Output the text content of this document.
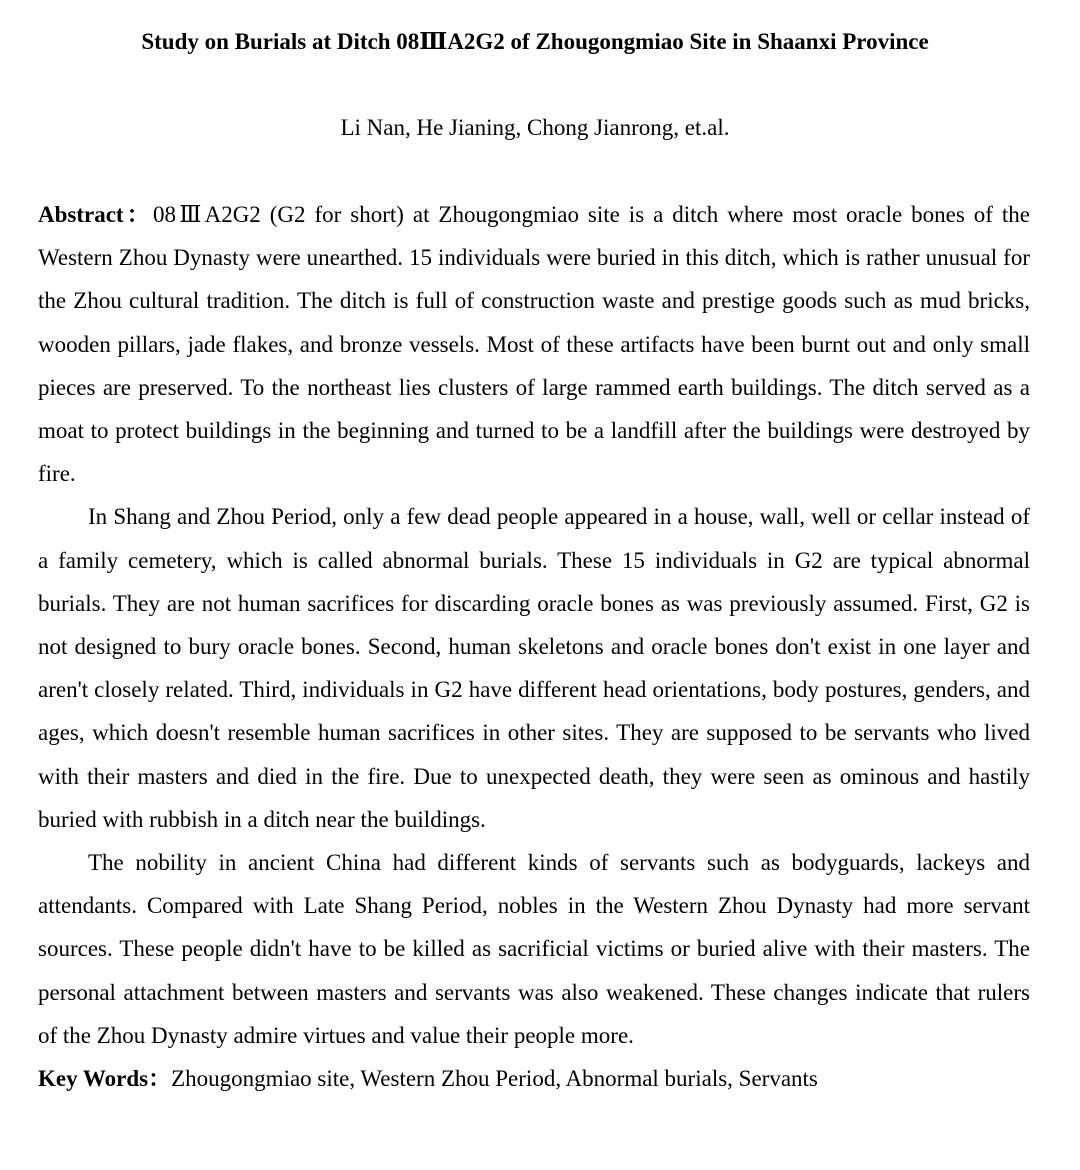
Study on Burials at Ditch 08ⅢA2G2 of Zhougongmiao Site in Shaanxi Province
Li Nan, He Jianing, Chong Jianrong, et.al.

Abstract：08ⅢA2G2 (G2 for short) at Zhougongmiao site is a ditch where most oracle bones of the Western Zhou Dynasty were unearthed. 15 individuals were buried in this ditch, which is rather unusual for the Zhou cultural tradition. The ditch is full of construction waste and prestige goods such as mud bricks, wooden pillars, jade flakes, and bronze vessels. Most of these artifacts have been burnt out and only small pieces are preserved. To the northeast lies clusters of large rammed earth buildings. The ditch served as a moat to protect buildings in the beginning and turned to be a landfill after the buildings were destroyed by fire.

In Shang and Zhou Period, only a few dead people appeared in a house, wall, well or cellar instead of a family cemetery, which is called abnormal burials. These 15 individuals in G2 are typical abnormal burials. They are not human sacrifices for discarding oracle bones as was previously assumed. First, G2 is not designed to bury oracle bones. Second, human skeletons and oracle bones don't exist in one layer and aren't closely related. Third, individuals in G2 have different head orientations, body postures, genders, and ages, which doesn't resemble human sacrifices in other sites. They are supposed to be servants who lived with their masters and died in the fire. Due to unexpected death, they were seen as ominous and hastily buried with rubbish in a ditch near the buildings.

The nobility in ancient China had different kinds of servants such as bodyguards, lackeys and attendants. Compared with Late Shang Period, nobles in the Western Zhou Dynasty had more servant sources. These people didn't have to be killed as sacrificial victims or buried alive with their masters. The personal attachment between masters and servants was also weakened. These changes indicate that rulers of the Zhou Dynasty admire virtues and value their people more.

Key Words：Zhougongmiao site, Western Zhou Period, Abnormal burials, Servants
